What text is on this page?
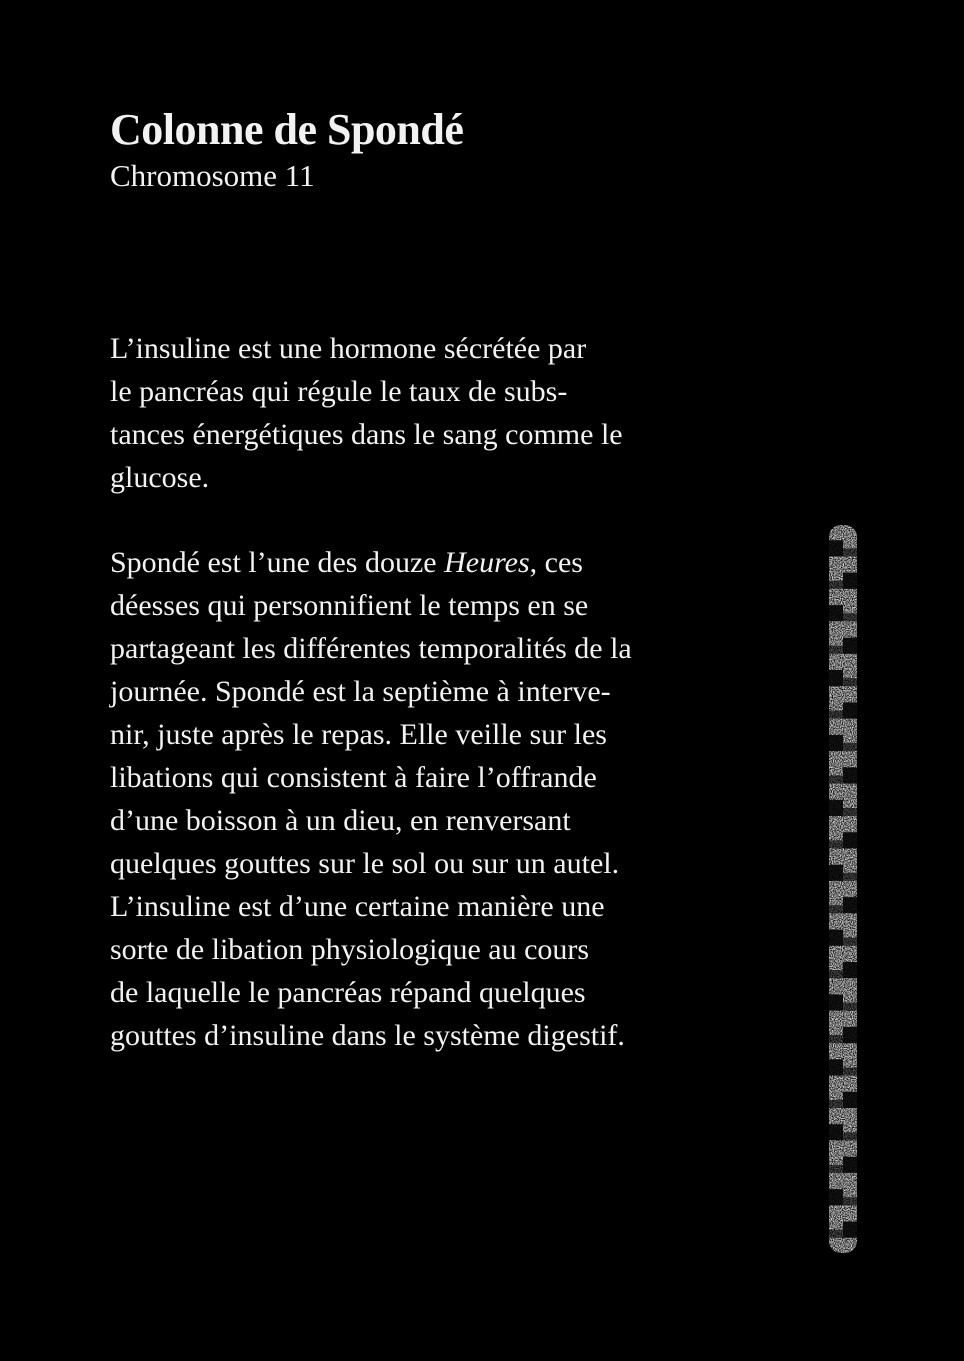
Colonne de Spondé
Chromosome 11
L’insuline est une hormone sécrétée par
le pancréas qui régule le taux de subs-
tances énergétiques dans le sang comme le
glucose.
Spondé est l’une des douze Heures, ces
déesses qui personnifient le temps en se
partageant les différentes temporalités de la
journée. Spondé est la septième à interve-
nir, juste après le repas. Elle veille sur les
libations qui consistent à faire l’offrande
d’une boisson à un dieu, en renversant
quelques gouttes sur le sol ou sur un autel.
L’insuline est d’une certaine manière une
sorte de libation physiologique au cours
de laquelle le pancréas répand quelques
gouttes d’insuline dans le système digestif.
